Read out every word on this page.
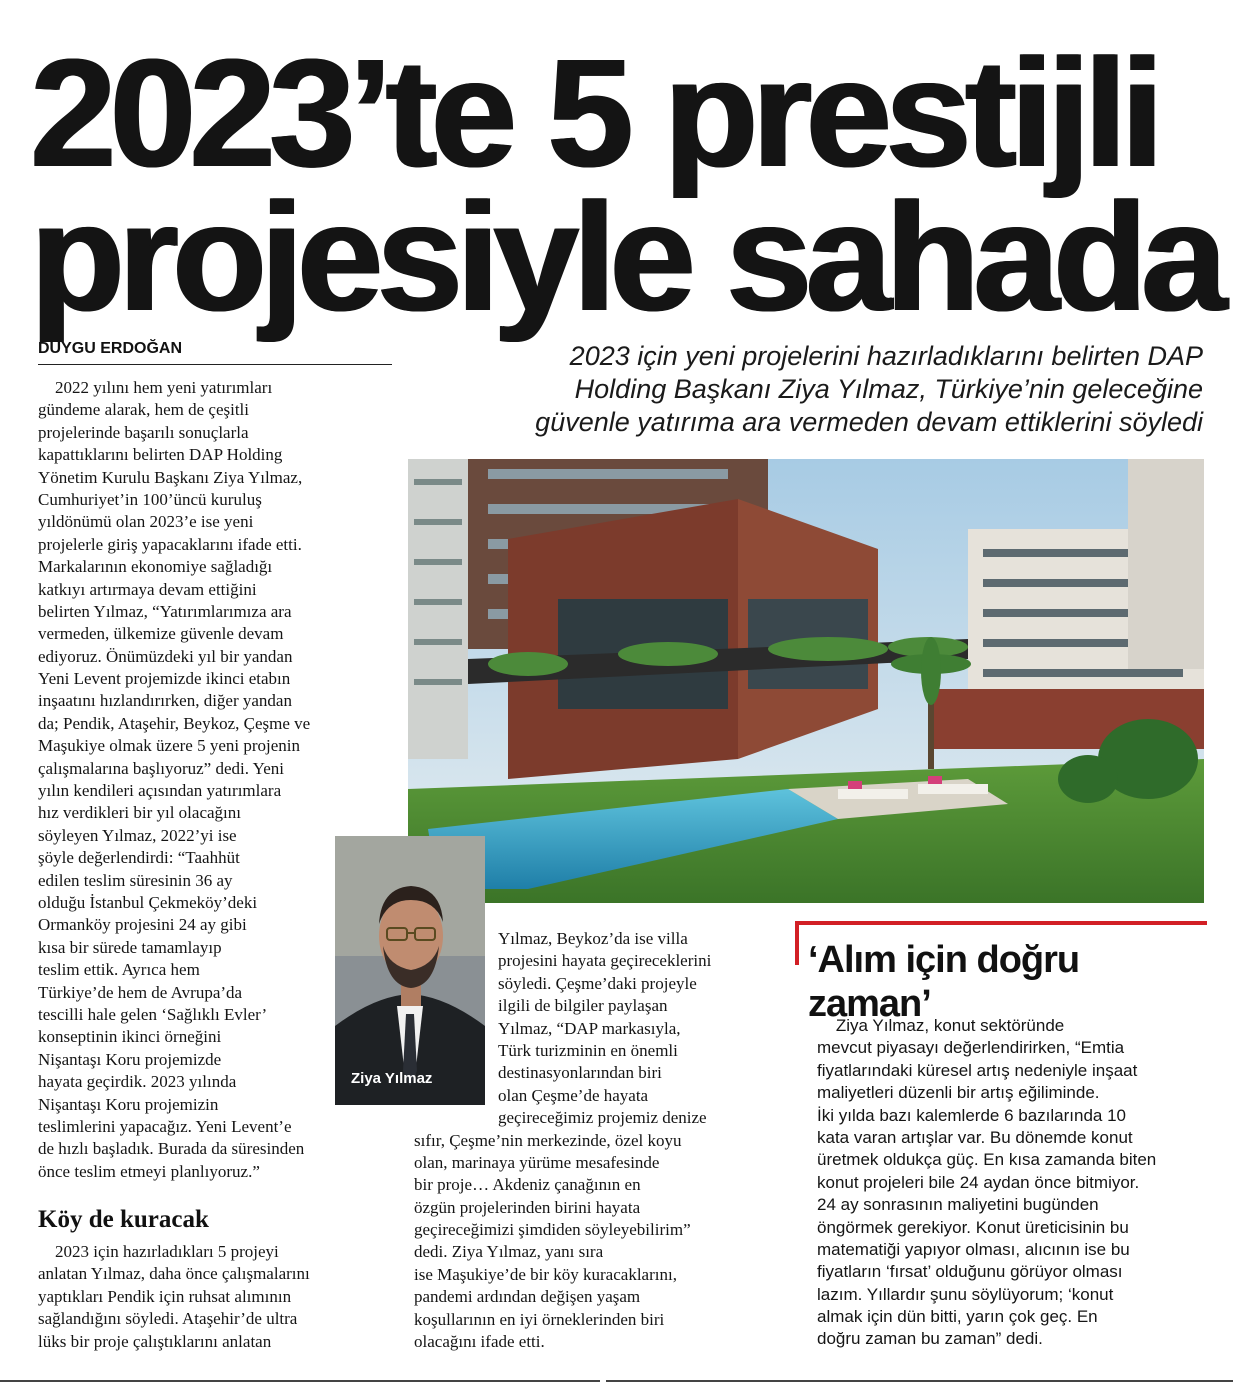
2023’te 5 prestijli
projesiyle sahada
DUYGU ERDOĞAN	2023 için yeni projelerini hazırladıklarını belirten DAP
Holding Başkanı Ziya Yılmaz, Türkiye’nin geleceğine
güvenle yatırıma ara vermeden devam ettiklerini söyledi
2022 yılını hem yeni yatırımları
gündeme alarak, hem de çeşitli
projelerinde başarılı sonuçlarla
kapattıklarını belirten DAP Holding
Yönetim Kurulu Başkanı Ziya Yılmaz,
Cumhuriyet’in 100’üncü kuruluş
yıldönümü olan 2023’e ise yeni
projelerle giriş yapacaklarını ifade etti.
Markalarının ekonomiye sağladığı
katkıyı artırmaya devam ettiğini
belirten Yılmaz, “Yatırımlarımıza ara
vermeden, ülkemize güvenle devam
ediyoruz. Önümüzdeki yıl bir yandan
Yeni Levent projemizde ikinci etabın
inşaatını hızlandırırken, diğer yandan
da; Pendik, Ataşehir, Beykoz, Çeşme ve
Maşukiye olmak üzere 5 yeni projenin
çalışmalarına başlıyoruz” dedi. Yeni
yılın kendileri açısından yatırımlara
hız verdikleri bir yıl olacağını
söyleyen Yılmaz, 2022’yi ise
şöyle değerlendirdi: “Taahhüt
edilen teslim süresinin 36 ay
olduğu İstanbul Çekmeköy’deki
Ormanköy projesini 24 ay gibi
kısa bir sürede tamamlayıp
teslim ettik. Ayrıca hem
Türkiye’de hem de Avrupa’da
tescilli hale gelen ‘Sağlıklı Evler’
konseptinin ikinci örneğini
Nişantaşı Koru projemizde
hayata geçirdik. 2023 yılında
Nişantaşı Koru projemizin
teslimlerini yapacağız. Yeni Levent’e
de hızlı başladık. Burada da süresinden
önce teslim etmeyi planlıyoruz.”
Köy de kuracak
2023 için hazırladıkları 5 projeyi
anlatan Yılmaz, daha önce çalışmalarını
yaptıkları Pendik için ruhsat alımının
sağlandığını söyledi. Ataşehir’de ultra
lüks bir proje çalıştıklarını anlatan
Ziya Yılmaz
Yılmaz, Beykoz’da ise villa
projesini hayata geçireceklerini
söyledi. Çeşme’daki projeyle
ilgili de bilgiler paylaşan
Yılmaz, “DAP markasıyla,
Türk turizminin en önemli
destinasyonlarından biri
olan Çeşme’de hayata
geçireceğimiz projemiz denize
sıfır, Çeşme’nin merkezinde, özel koyu
olan, marinaya yürüme mesafesinde
bir proje… Akdeniz çanağının en
özgün projelerinden birini hayata
geçireceğimizi şimdiden söyleyebilirim”
dedi. Ziya Yılmaz, yanı sıra
ise Maşukiye’de bir köy kuracaklarını,
pandemi ardından değişen yaşam
koşullarının en iyi örneklerinden biri
olacağını ifade etti.
‘Alım için doğru zaman’
Ziya Yılmaz, konut sektöründe
mevcut piyasayı değerlendirirken, “Emtia
fiyatlarındaki küresel artış nedeniyle inşaat
maliyetleri düzenli bir artış eğiliminde.
İki yılda bazı kalemlerde 6 bazılarında 10
kata varan artışlar var. Bu dönemde konut
üretmek oldukça güç. En kısa zamanda biten
konut projeleri bile 24 aydan önce bitmiyor.
24 ay sonrasının maliyetini bugünden
öngörmek gerekiyor. Konut üreticisinin bu
matematiği yapıyor olması, alıcının ise bu
fiyatların ‘fırsat’ olduğunu görüyor olması
lazım. Yıllardır şunu söylüyorum; ‘konut
almak için dün bitti, yarın çok geç. En
doğru zaman bu zaman” dedi.
